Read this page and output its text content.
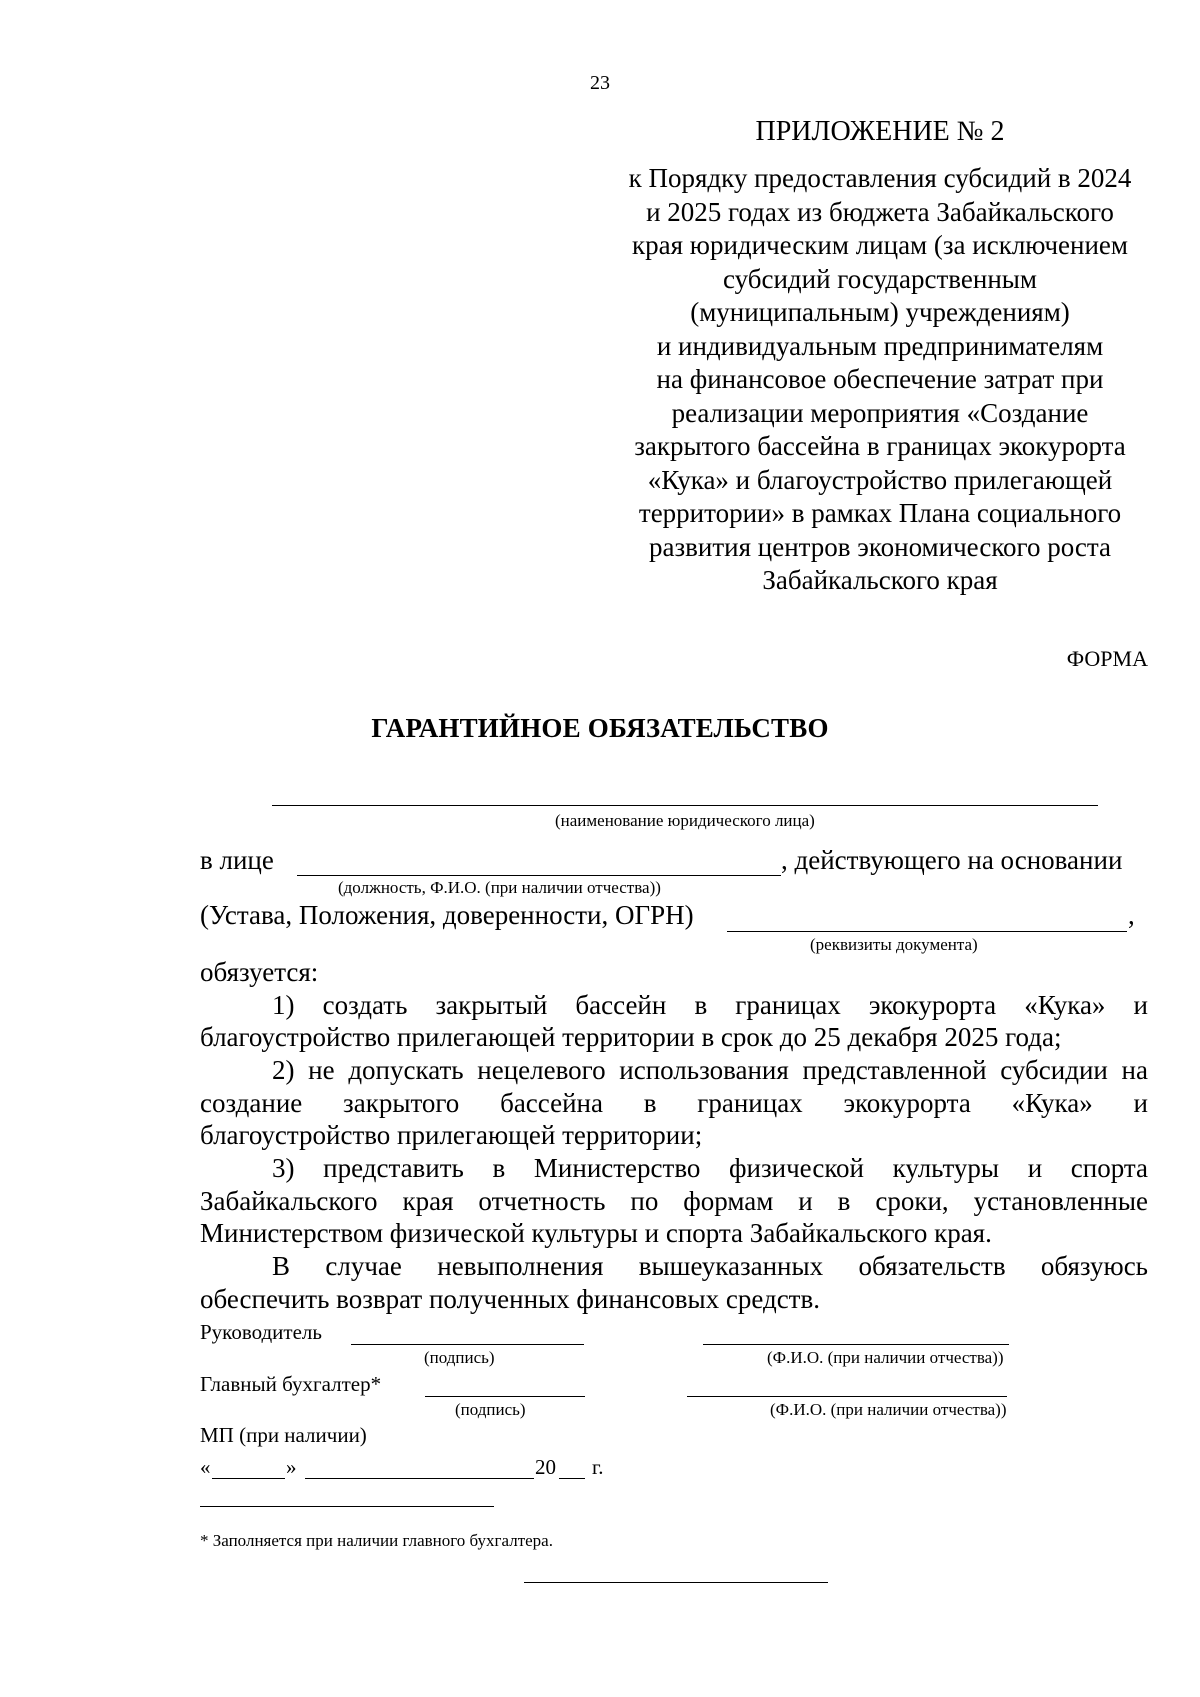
23
ПРИЛОЖЕНИЕ № 2
к Порядку предоставления субсидий в 2024
и 2025 годах из бюджета Забайкальского
края юридическим лицам (за исключением
субсидий государственным
(муниципальным) учреждениям)
и индивидуальным предпринимателям
на финансовое обеспечение затрат при
реализации мероприятия «Создание
закрытого бассейна в границах экокурорта
«Кука» и благоустройство прилегающей
территории» в рамках Плана социального
развития центров экономического роста
Забайкальского края
ФОРМА
ГАРАНТИЙНОЕ ОБЯЗАТЕЛЬСТВО
(наименование юридического лица)
в лице	, действующего на основании
(должность, Ф.И.О. (при наличии отчества))
(Устава, Положения, доверенности, ОГРН)	,
(реквизиты документа)
обязуется:
1) создать закрытый бассейн в границах экокурорта «Кука» и
благоустройство прилегающей территории в срок до 25 декабря 2025 года;
2) не допускать нецелевого использования представленной субсидии на
создание закрытого бассейна в границах экокурорта «Кука» и
благоустройство прилегающей территории;
3) представить в Министерство физической культуры и спорта
Забайкальского края отчетность по формам и в сроки, установленные
Министерством физической культуры и спорта Забайкальского края.
В случае невыполнения вышеуказанных обязательств обязуюсь
обеспечить возврат полученных финансовых средств.
Руководитель
(подпись)	(Ф.И.О. (при наличии отчества))
Главный бухгалтер*
(подпись)	(Ф.И.О. (при наличии отчества))
МП (при наличии)
«	»	20 г.
* Заполняется при наличии главного бухгалтера.
